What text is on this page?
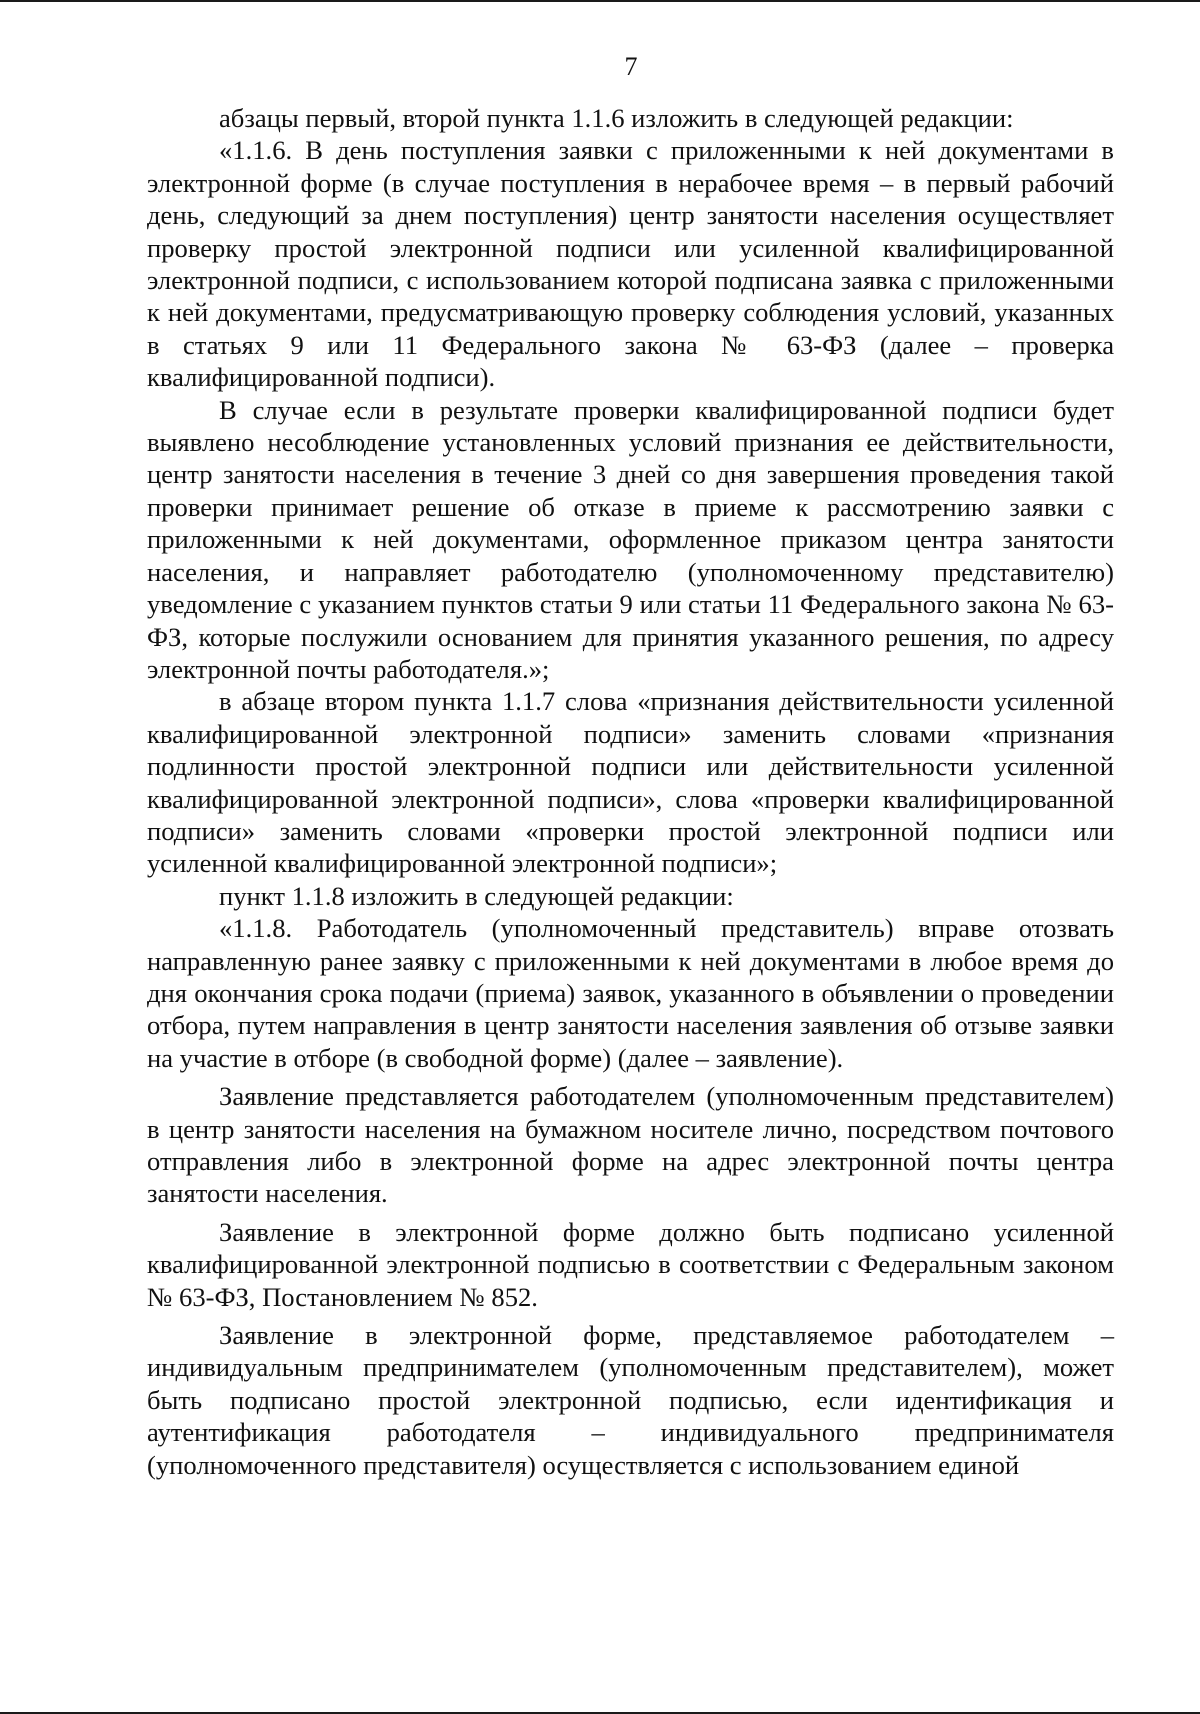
7

абзацы первый, второй пункта 1.1.6 изложить в следующей редакции:

«1.1.6. В день поступления заявки с приложенными к ней документами в электронной форме (в случае поступления в нерабочее время – в первый рабочий день, следующий за днем поступления) центр занятости населения осуществляет проверку простой электронной подписи или усиленной квалифицированной электронной подписи, с использованием которой подписана заявка с приложенными к ней документами, предусматривающую проверку соблюдения условий, указанных в статьях 9 или 11 Федерального закона № 63-ФЗ (далее – проверка квалифицированной подписи).

В случае если в результате проверки квалифицированной подписи будет выявлено несоблюдение установленных условий признания ее действительности, центр занятости населения в течение 3 дней со дня завершения проведения такой проверки принимает решение об отказе в приеме к рассмотрению заявки с приложенными к ней документами, оформленное приказом центра занятости населения, и направляет работодателю (уполномоченному представителю) уведомление с указанием пунктов статьи 9 или статьи 11 Федерального закона № 63-ФЗ, которые послужили основанием для принятия указанного решения, по адресу электронной почты работодателя.»;

в абзаце втором пункта 1.1.7 слова «признания действительности усиленной квалифицированной электронной подписи» заменить словами «признания подлинности простой электронной подписи или действительности усиленной квалифицированной электронной подписи», слова «проверки квалифицированной подписи» заменить словами «проверки простой электронной подписи или усиленной квалифицированной электронной подписи»;

пункт 1.1.8 изложить в следующей редакции:

«1.1.8. Работодатель (уполномоченный представитель) вправе отозвать направленную ранее заявку с приложенными к ней документами в любое время до дня окончания срока подачи (приема) заявок, указанного в объявлении о проведении отбора, путем направления в центр занятости населения заявления об отзыве заявки на участие в отборе (в свободной форме) (далее – заявление).

Заявление представляется работодателем (уполномоченным представителем) в центр занятости населения на бумажном носителе лично, посредством почтового отправления либо в электронной форме на адрес электронной почты центра занятости населения.

Заявление в электронной форме должно быть подписано усиленной квалифицированной электронной подписью в соответствии с Федеральным законом № 63-ФЗ, Постановлением № 852.

Заявление в электронной форме, представляемое работодателем – индивидуальным предпринимателем (уполномоченным представителем), может быть подписано простой электронной подписью, если идентификация и аутентификация работодателя – индивидуального предпринимателя (уполномоченного представителя) осуществляется с использованием единой
